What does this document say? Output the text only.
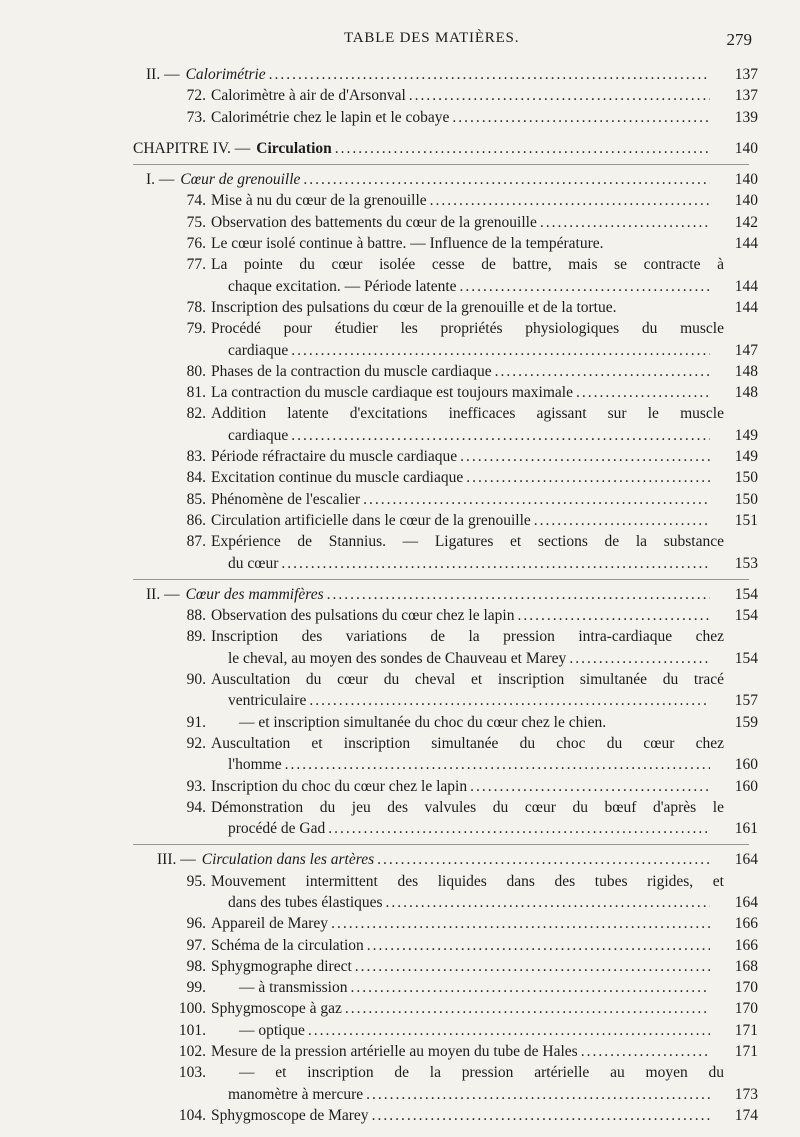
TABLE DES MATIÈRES.	279
II. — Calorimétrie .....	137
72. Calorimètre à air de d'Arsonval .....	137
73. Calorimétrie chez le lapin et le cobaye .....	139
CHAPITRE IV. — Circulation .....	140
I. — Cœur de grenouille .....	140
74. Mise à nu du cœur de la grenouille .....	140
75. Observation des battements du cœur de la grenouille .....	142
76. Le cœur isolé continue à battre. — Influence de la température.	144
77. La pointe du cœur isolée cesse de battre, mais se contracte à
chaque excitation. — Période latente .....	144
78. Inscription des pulsations du cœur de la grenouille et de la tortue.	144
79. Procédé pour étudier les propriétés physiologiques du muscle
cardiaque .....	147
80. Phases de la contraction du muscle cardiaque .....	148
81. La contraction du muscle cardiaque est toujours maximale .....	148
82. Addition latente d'excitations inefficaces agissant sur le muscle
cardiaque .....	149
83. Période réfractaire du muscle cardiaque .....	149
84. Excitation continue du muscle cardiaque .....	150
85. Phénomène de l'escalier .....	150
86. Circulation artificielle dans le cœur de la grenouille .....	151
87. Expérience de Stannius. — Ligatures et sections de la substance
du cœur .....	153
II. — Cœur des mammifères .....	154
88. Observation des pulsations du cœur chez le lapin .....	154
89. Inscription des variations de la pression intra-cardiaque chez
le cheval, au moyen des sondes de Chauveau et Marey .....	154
90. Auscultation du cœur du cheval et inscription simultanée du tracé
ventriculaire .....	157
91.	— et inscription simultanée du choc du cœur chez le chien.	159
92. Auscultation et inscription simultanée du choc du cœur chez
l'homme .....	160
93. Inscription du choc du cœur chez le lapin .....	160
94. Démonstration du jeu des valvules du cœur du bœuf d'après le
procédé de Gad .....	161
III. — Circulation dans les artères .....	164
95. Mouvement intermittent des liquides dans des tubes rigides, et
dans des tubes élastiques .....	164
96. Appareil de Marey .....	166
97. Schéma de la circulation .....	166
98. Sphygmographe direct .....	168
99.	— à transmission .....	170
100. Sphygmoscope à gaz .....	170
101.	— optique .....	171
102. Mesure de la pression artérielle au moyen du tube de Hales .....	171
103.	— et inscription de la pression artérielle au moyen du
manomètre à mercure .....	173
104. Sphygmoscope de Marey .....	174
